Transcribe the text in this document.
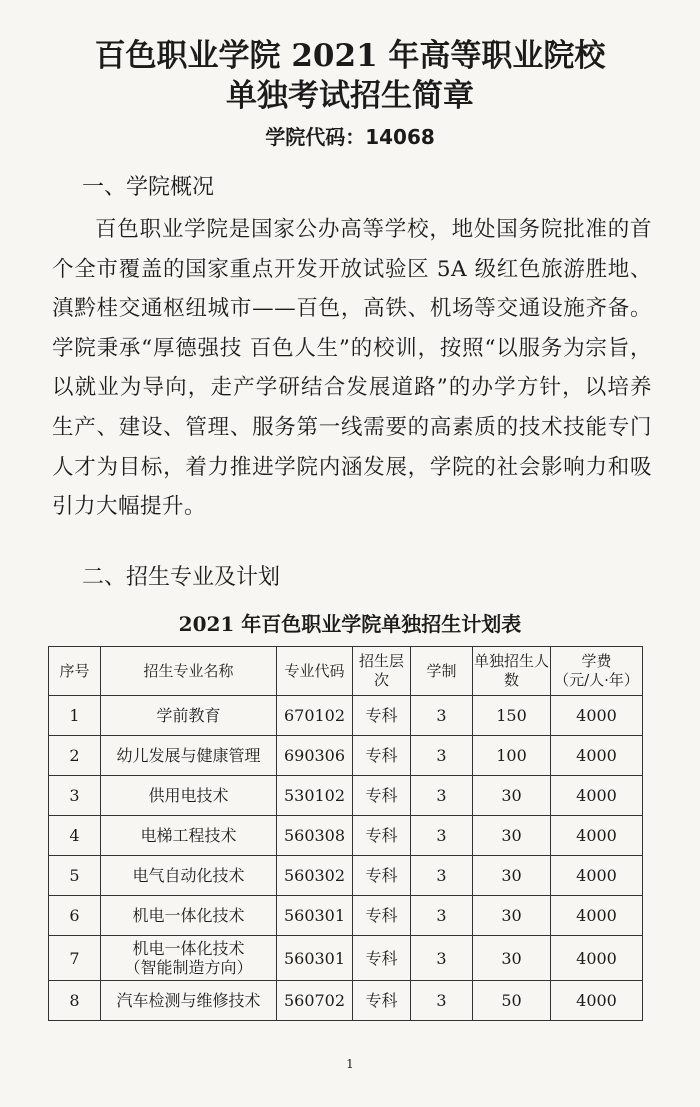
百色职业学院 2021 年高等职业院校
单独考试招生简章
学院代码：14068
一、学院概况

百色职业学院是国家公办高等学校，地处国务院批准的首个全市覆盖的国家重点开发开放试验区 5A 级红色旅游胜地、滇黔桂交通枢纽城市——百色，高铁、机场等交通设施齐备。学院秉承“厚德强技 百色人生”的校训，按照“以服务为宗旨，以就业为导向，走产学研结合发展道路”的办学方针，以培养生产、建设、管理、服务第一线需要的高素质的技术技能专门人才为目标，着力推进学院内涵发展，学院的社会影响力和吸引力大幅提升。

二、招生专业及计划
2021 年百色职业学院单独招生计划表
序号	招生专业名称	专业代码	招生层次	学制	单独招生人数	学费
（元/人·年）

1	学前教育	670102	专科	3	150	4000
2	幼儿发展与健康管理	690306	专科	3	100	4000
3	供用电技术	530102	专科	3	30	4000
4	电梯工程技术	560308	专科	3	30	4000
5	电气自动化技术	560302	专科	3	30	4000
6	机电一体化技术	560301	专科	3	30	4000
7	机电一体化技术
（智能制造方向）	560301	专科	3	30	4000
8	汽车检测与维修技术	560702	专科	3	50	4000
1
